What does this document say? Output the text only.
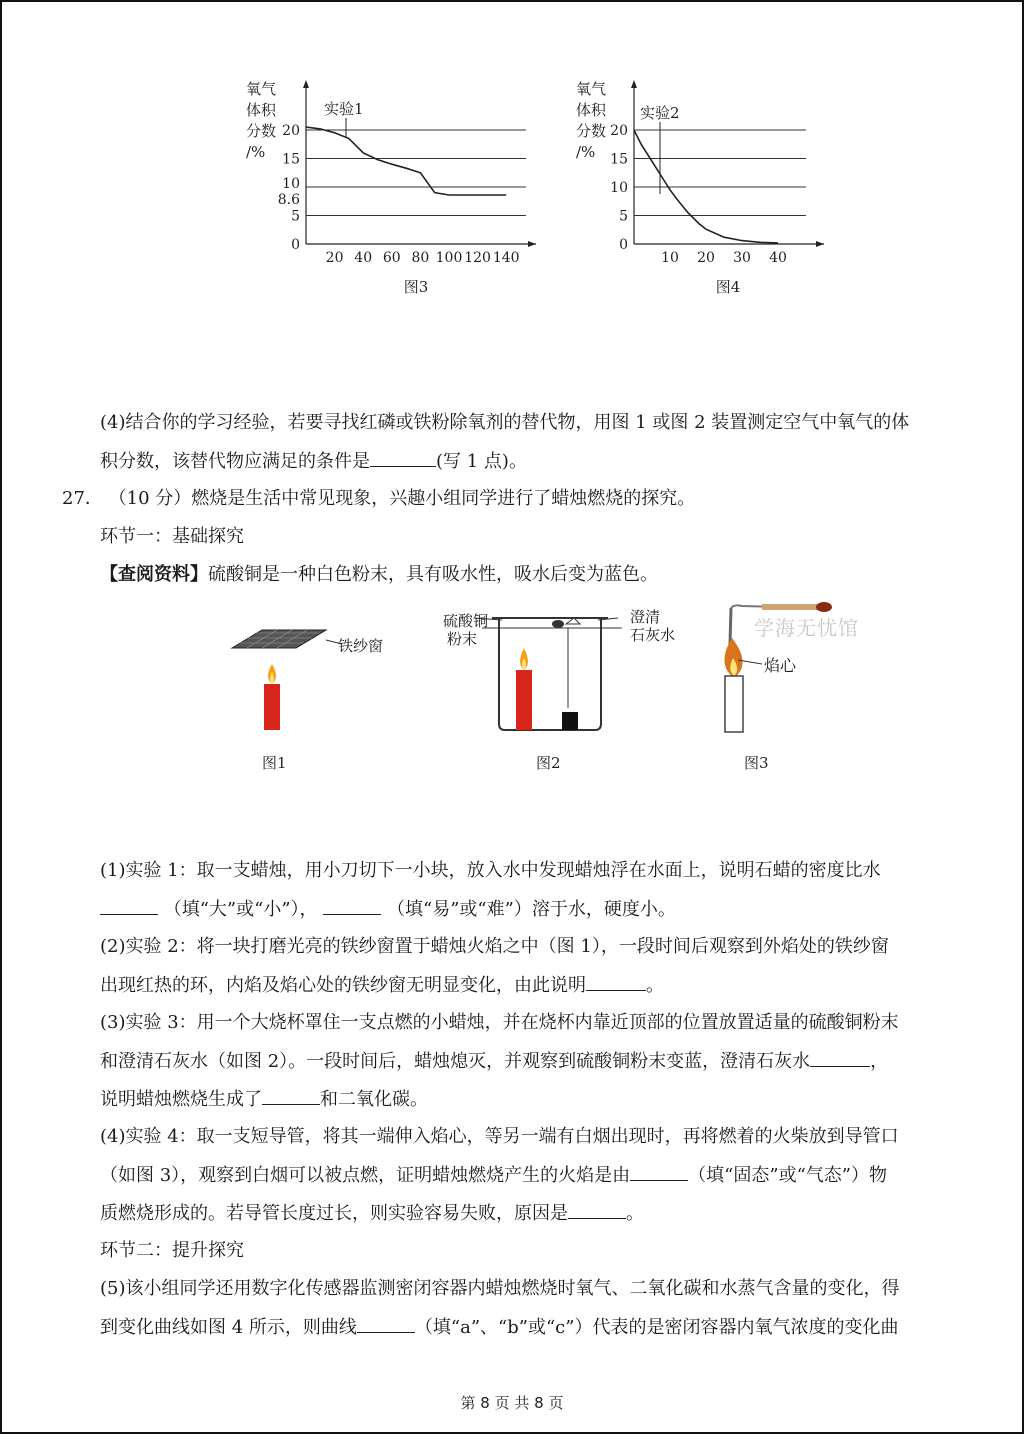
氧气
体积
分数
/%
20
15
10
8.6
5
0
20 40 60 80 100 120 140
实验1
图3
氧气
体积
分数
/%
20
15
10
5
0
10 20 30 40
实验2
图4
(4)结合你的学习经验，若要寻找红磷或铁粉除氧剂的替代物，用图 1 或图 2 装置测定空气中氧气的体
积分数，该替代物应满足的条件是	(写 1 点)。
27． （10 分）燃烧是生活中常见现象，兴趣小组同学进行了蜡烛燃烧的探究。
环节一：基础探究
【查阅资料】硫酸铜是一种白色粉末，具有吸水性，吸水后变为蓝色。
铁纱窗
图1
硫酸铜
粉末
澄清
石灰水
图2
焰心
图3
学海无忧馆
(1)实验 1：取一支蜡烛，用小刀切下一小块，放入水中发现蜡烛浮在水面上，说明石蜡的密度比水
（填“大”或“小”），	（填“易”或“难”）溶于水，硬度小。
(2)实验 2：将一块打磨光亮的铁纱窗置于蜡烛火焰之中（图 1），一段时间后观察到外焰处的铁纱窗
出现红热的环，内焰及焰心处的铁纱窗无明显变化，由此说明	。
(3)实验 3：用一个大烧杯罩住一支点燃的小蜡烛，并在烧杯内靠近顶部的位置放置适量的硫酸铜粉末
和澄清石灰水（如图 2）。一段时间后，蜡烛熄灭，并观察到硫酸铜粉末变蓝，澄清石灰水	，
说明蜡烛燃烧生成了	和二氧化碳。
(4)实验 4：取一支短导管，将其一端伸入焰心，等另一端有白烟出现时，再将燃着的火柴放到导管口
（如图 3），观察到白烟可以被点燃，证明蜡烛燃烧产生的火焰是由	（填“固态”或“气态”）物
质燃烧形成的。若导管长度过长，则实验容易失败，原因是	。
环节二：提升探究
(5)该小组同学还用数字化传感器监测密闭容器内蜡烛燃烧时氧气、二氧化碳和水蒸气含量的变化，得
到变化曲线如图 4 所示，则曲线	（填“a”、“b”或“c”）代表的是密闭容器内氧气浓度的变化曲
第 8 页 共 8 页
